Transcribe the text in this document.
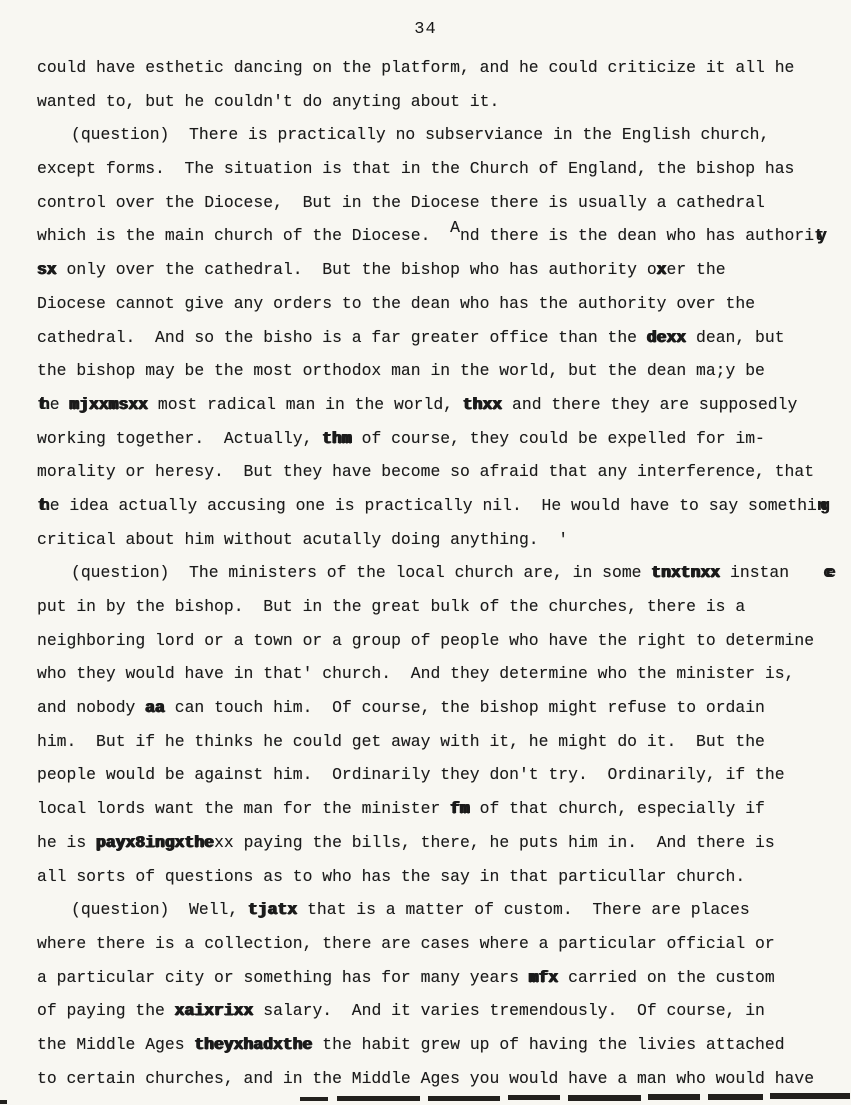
34
could have esthetic dancing on the platform, and he could criticize it all he
wanted to, but he couldn't do anyting about it.
(question)  There is practically no subserviance in the English church,
except forms.  The situation is that in the Church of England, the bishop has
control over the Diocese,  But in the Diocese there is usually a cathedral
which is the main church of the Diocese.  And there is the dean who has authority
sx only over the cathedral.  But the bishop who has authority oxer the
Diocese cannot give any orders to the dean who has the authority over the
cathedral.  And so the bisho is a far greater office than the dexx dean, but
the bishop may be the most orthodox man in the world, but the dean ma;y be
th e mjxxmsxx most radical man in the world, thxx and there they are supposedly
working together.  Actually, thm of course, they could be expelled for im-
morality or heresy.  But they have become so afraid that any interference, that
th e idea actually accusing one is practically nil.  He would have to say something
critical about him without acutally doing anything.  '
(question)  The ministers of the local church are, in some tnxtnxx instan ce
put in by the bishop.  But in the great bulk of the churches, there is a
neighboring lord or a town or a group of people who have the right to determine
who they would have in that' church.  And they determine who the minister is,
and nobody aa can touch him.  Of course, the bishop might refuse to ordain
him.  But if he thinks he could get away with it, he might do it.  But the
people would be against him.  Ordinarily they don't try.  Ordinarily, if the
local lords want the man for the minister fm of that church, especially if
he is payx8ingxthexx paying the bills, there, he puts him in.  And there is
all sorts of questions as to who has the say in that particullar church.
(question)  Well, tjatx that is a matter of custom.  There are places
where there is a collection, there are cases where a particular official or
a particular city or something has for many years mfx carried on the custom
of paying the xaixrixx salary.  And it varies tremendously.  Of course, in
the Middle Ages theyxhadxthe the habit grew up of having the livies attached
to certain churches, and in the Middle Ages you would have a man who would have
